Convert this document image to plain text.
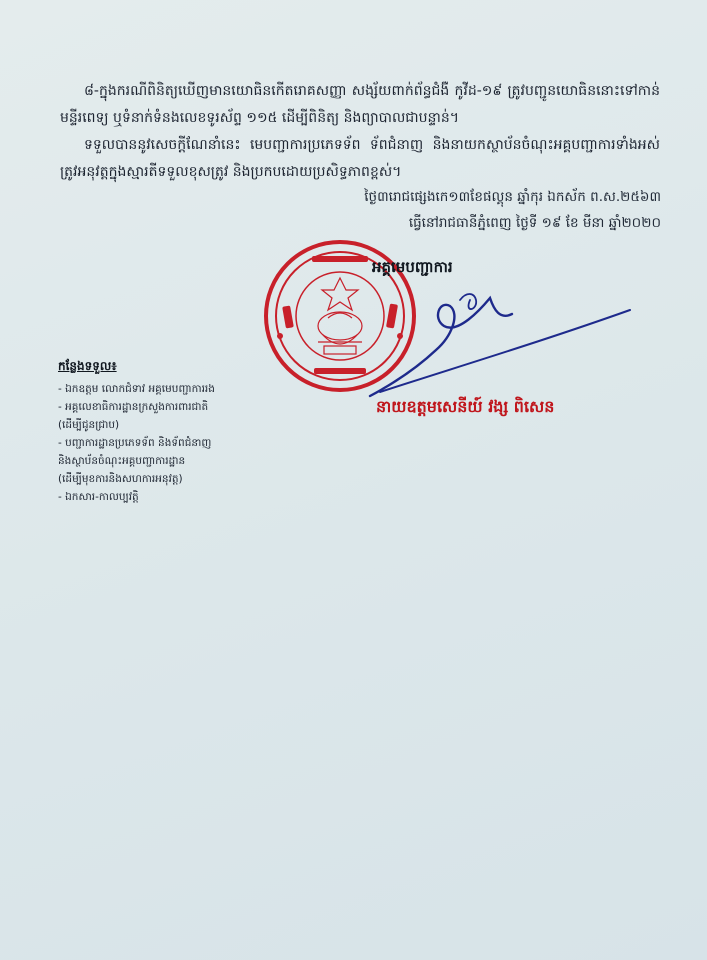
៨-ក្នុងករណីពិនិត្យឃើញមានយោធិនកើតរោគសញ្ញា សង្ស័យពាក់ព័ន្ធជំងឺ កូវីដ-១៩ ត្រូវបញ្ជូនយោធិននោះទៅកាន់មន្ទីរពេទ្យ ឬទំនាក់ទំនងលេខទូរស័ព្ទ ១១៥ ដើម្បីពិនិត្យ និងព្យាបាលជាបន្ទាន់។

ទទួលបាននូវសេចក្តីណែនាំនេះ មេបញ្ជាការប្រភេទទ័ព ទ័ពជំនាញ និងនាយកស្ថាប័នចំណុះអគ្គបញ្ជាការទាំងអស់ ត្រូវអនុវត្តក្នុងស្មារតីទទួលខុសត្រូវ និងប្រកបដោយប្រសិទ្ធភាពខ្ពស់។

ថ្ងៃ៣រោជផ្សេងកេ១៣ខែផល្គុន ឆ្នាំកុរ ឯកស័ក ព.ស.២៥៦៣
ធ្វើនៅរាជធានីភ្នំពេញ ថ្ងៃទី ១៩ ខែ មីនា ឆ្នាំ២០២០
អគ្គមេបញ្ជាការ
នាយឧត្តមសេនីយ៍ វង្ស ពិសេន
កន្លែងទទួល៖
- ឯកឧត្តម លោកជំទាវ អគ្គមេបញ្ជាការរង
- អគ្គលេខាធិការដ្ឋានក្រសួងការពារជាតិ
(ដើម្បីជូនជ្រាប)
- បញ្ជាការដ្ឋានប្រភេទទ័ព និងទ័ពជំនាញ
និងស្ថាប័នចំណុះអគ្គបញ្ជាការដ្ឋាន
(ដើម្បីមុខការនិងសហការអនុវត្ត)
- ឯកសារ-កាលប្បវត្តិ
